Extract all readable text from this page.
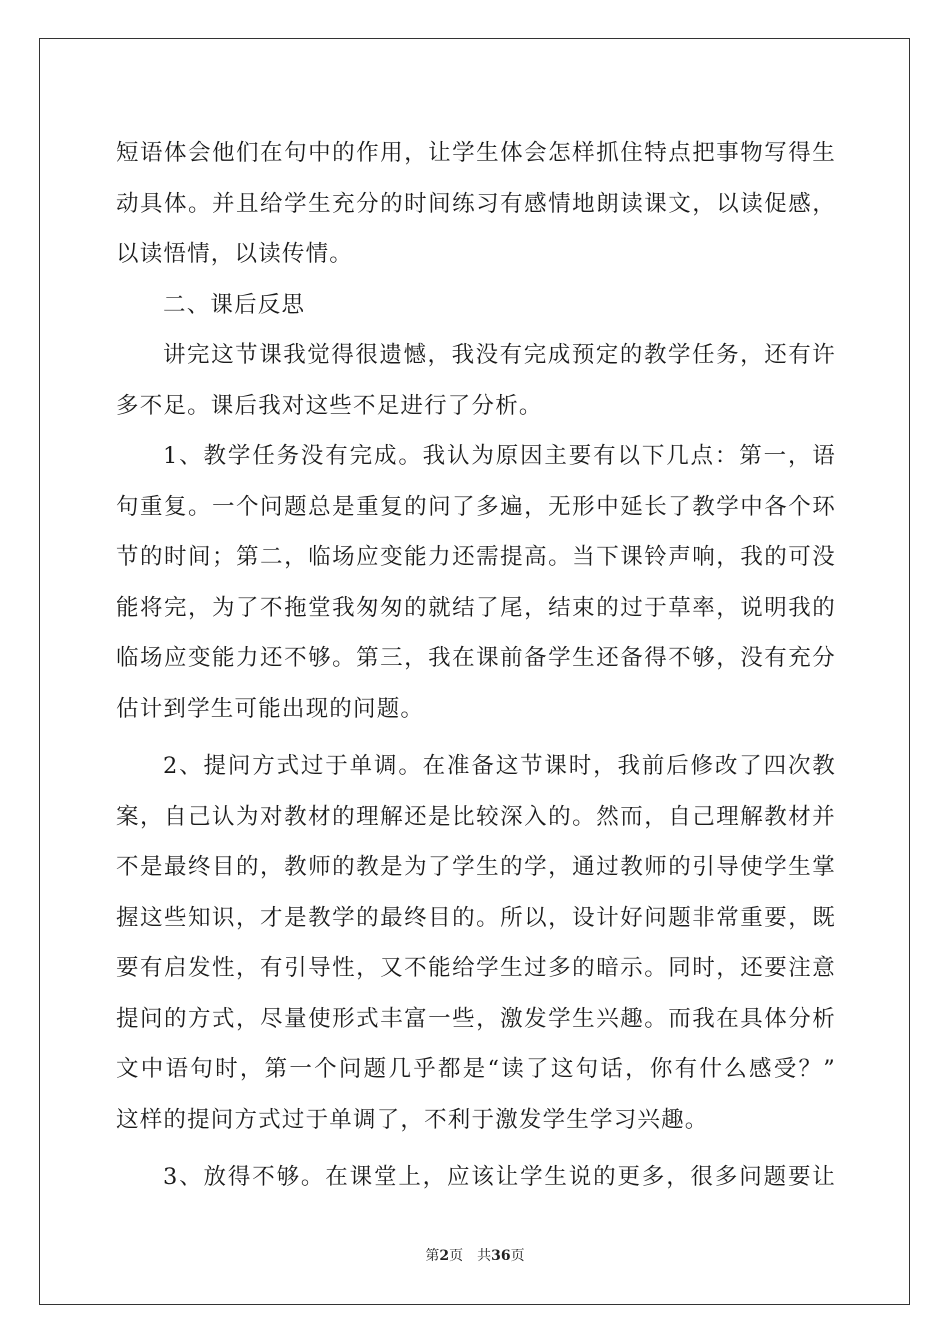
短语体会他们在句中的作用，让学生体会怎样抓住特点把事物写得生
动具体。并且给学生充分的时间练习有感情地朗读课文，以读促感，
以读悟情，以读传情。
二、课后反思
讲完这节课我觉得很遗憾，我没有完成预定的教学任务，还有许
多不足。课后我对这些不足进行了分析。
1、教学任务没有完成。我认为原因主要有以下几点：第一，语
句重复。一个问题总是重复的问了多遍，无形中延长了教学中各个环
节的时间；第二，临场应变能力还需提高。当下课铃声响，我的可没
能将完，为了不拖堂我匆匆的就结了尾，结束的过于草率，说明我的
临场应变能力还不够。第三，我在课前备学生还备得不够，没有充分
估计到学生可能出现的问题。
2、提问方式过于单调。在准备这节课时，我前后修改了四次教
案，自己认为对教材的理解还是比较深入的。然而，自己理解教材并
不是最终目的，教师的教是为了学生的学，通过教师的引导使学生掌
握这些知识，才是教学的最终目的。所以，设计好问题非常重要，既
要有启发性，有引导性，又不能给学生过多的暗示。同时，还要注意
提问的方式，尽量使形式丰富一些，激发学生兴趣。而我在具体分析
文中语句时，第一个问题几乎都是“读了这句话，你有什么感受？”
这样的提问方式过于单调了，不利于激发学生学习兴趣。
3、放得不够。在课堂上，应该让学生说的更多，很多问题要让
第2页 共36页
